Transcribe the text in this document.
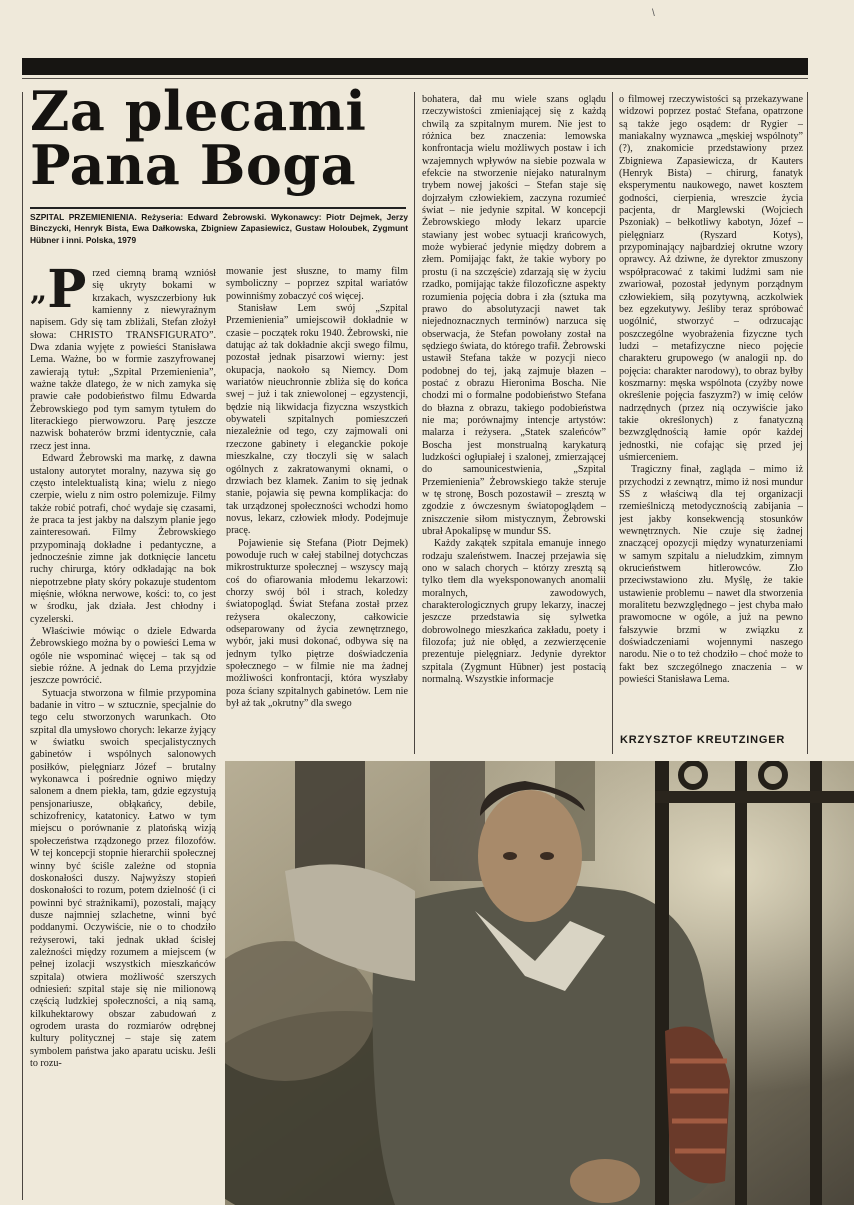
\
Za plecami
Pana Boga
SZPITAL PRZEMIENIENIA. Reżyseria: Edward Żebrowski. Wykonawcy: Piotr Dejmek, Jerzy Binczycki, Henryk Bista, Ewa Dałkowska, Zbigniew Zapasiewicz, Gustaw Holoubek, Zygmunt Hübner i inni. Polska, 1979
„ P rzed ciemną bramą wzniósł się ukryty bokami w krzakach, wyszczerbiony łuk kamienny z niewyraźnym napisem. Gdy się tam zbliżali, Stefan złożył słowa: CHRISTO TRANSFIGURATO”. Dwa zdania wyjęte z powieści Stanisława Lema. Ważne, bo w formie zaszyfrowanej zawierają tytuł: „Szpital Przemienienia”, ważne także dlatego, że w nich zamyka się prawie całe podobieństwo filmu Edwarda Żebrowskiego pod tym samym tytułem do literackiego pierwowzoru. Parę jeszcze nazwisk bohaterów brzmi identycznie, cała rzecz jest inna.

Edward Żebrowski ma markę, z dawna ustalony autorytet moralny, nazywa się go często intelektualistą kina; wielu z niego czerpie, wielu z nim ostro polemizuje. Filmy także robić potrafi, choć wydaje się czasami, że praca ta jest jakby na dalszym planie jego zainteresowań. Filmy Żebrowskiego przypominają dokładne i pedantyczne, a jednocześnie zimne jak dotknięcie lancetu ruchy chirurga, który odkładając na bok niepotrzebne płaty skóry pokazuje studentom mięśnie, włókna nerwowe, kości: to, co jest w środku, jak działa. Jest chłodny i cyzelerski.

Właściwie mówiąc o dziele Edwarda Żebrowskiego można by o powieści Lema w ogóle nie wspominać więcej – tak są od siebie różne. A jednak do Lema przyjdzie jeszcze powrócić.

Sytuacja stworzona w filmie przypomina badanie in vitro – w sztucznie, specjalnie do tego celu stworzonych warunkach. Oto szpital dla umysłowo chorych: lekarze żyjący w światku swoich specjalistycznych gabinetów i wspólnych salonowych posiłków, pielęgniarz Józef – brutalny wykonawca i pośrednie ogniwo między salonem a dnem piekła, tam, gdzie egzystują pensjonariusze, obłąkańcy, debile, schizofrenicy, katatonicy. Łatwo w tym miejscu o porównanie z platońską wizją społeczeństwa rządzonego przez filozofów. W tej koncepcji stopnie hierarchii społecznej winny być ściśle zależne od stopnia doskonałości duszy. Najwyższy stopień doskonałości to rozum, potem dzielność (i ci powinni być strażnikami), pozostali, mający dusze najmniej szlachetne, winni być poddanymi. Oczywiście, nie o to chodziło reżyserowi, taki jednak układ ścisłej zależności między rozumem a miejscem (w pełnej izolacji wszystkich mieszkańców szpitala) otwiera możliwość szerszych odniesień: szpital staje się nie milionową częścią ludzkiej społeczności, a nią samą, kilkuhektarowy obszar zabudowań z ogrodem urasta do rozmiarów odrębnej kultury politycznej – staje się zatem symbolem państwa jako aparatu ucisku. Jeśli to rozu-

mowanie jest słuszne, to mamy film symboliczny – poprzez szpital wariatów powinniśmy zobaczyć coś więcej.

Stanisław Lem swój „Szpital Przemienienia” umiejscowił dokładnie w czasie – początek roku 1940. Żebrowski, nie datując aż tak dokładnie akcji swego filmu, pozostał jednak pisarzowi wierny: jest okupacja, naokoło są Niemcy. Dom wariatów nieuchronnie zbliża się do końca swej – już i tak zniewolonej – egzystencji, będzie nią likwidacja fizyczna wszystkich obywateli szpitalnych pomieszczeń niezależnie od tego, czy zajmowali oni rzeczone gabinety i eleganckie pokoje mieszkalne, czy tłoczyli się w salach ogólnych z zakratowanymi oknami, o drzwiach bez klamek. Zanim to się jednak stanie, pojawia się pewna komplikacja: do tak urządzonej społeczności wchodzi homo novus, lekarz, człowiek młody. Podejmuje pracę.

Pojawienie się Stefana (Piotr Dejmek) powoduje ruch w całej stabilnej dotychczas mikrostrukturze społecznej – wszyscy mają coś do ofiarowania młodemu lekarzowi: chorzy swój ból i strach, koledzy światopogląd. Świat Stefana został przez reżysera okaleczony, całkowicie odseparowany od życia zewnętrznego, wybór, jaki musi dokonać, odbywa się na jednym tylko piętrze doświadczenia społecznego – w filmie nie ma żadnej możliwości konfrontacji, która wyszłaby poza ściany szpitalnych gabinetów. Lem nie był aż tak „okrutny” dla swego

bohatera, dał mu wiele szans oglądu rzeczywistości zmieniającej się z każdą chwilą za szpitalnym murem. Nie jest to różnica bez znaczenia: lemowska konfrontacja wielu możliwych postaw i ich wzajemnych wpływów na siebie pozwala w efekcie na stworzenie niejako naturalnym trybem nowej jakości – Stefan staje się dojrzałym człowiekiem, zaczyna rozumieć świat – nie jedynie szpital. W koncepcji Żebrowskiego młody lekarz uparcie stawiany jest wobec sytuacji krańcowych, może wybierać jedynie między dobrem a złem. Pomijając fakt, że takie wybory po prostu (i na szczęście) zdarzają się w życiu rzadko, pomijając także filozoficzne aspekty rozumienia pojęcia dobra i zła (sztuka ma prawo do absolutyzacji nawet tak niejednoznacznych terminów) narzuca się obserwacja, że Stefan powołany został na sędziego świata, do którego trafił. Żebrowski ustawił Stefana także w pozycji nieco podobnej do tej, jaką zajmuje błazen – postać z obrazu Hieronima Boscha. Nie chodzi mi o formalne podobieństwo Stefana do błazna z obrazu, takiego podobieństwa nie ma; porównajmy intencje artystów: malarza i reżysera. „Statek szaleńców” Boscha jest monstrualną karykaturą ludzkości ogłupiałej i szalonej, zmierzającej do samounicestwienia, „Szpital Przemienienia” Żebrowskiego także steruje w tę stronę, Bosch pozostawił – zresztą w zgodzie z ówczesnym światopoglądem – zniszczenie siłom mistycznym, Żebrowski ubrał Apokalipsę w mundur SS.

Każdy zakątek szpitala emanuje innego rodzaju szaleństwem. Inaczej przejawia się ono w salach chorych – którzy zresztą są tylko tłem dla wyeksponowanych anomalii moralnych, zawodowych, charakterologicznych grupy lekarzy, inaczej jeszcze przedstawia się sylwetka dobrowolnego mieszkańca zakładu, poety i filozofa; już nie obłęd, a zezwierzęcenie prezentuje pielęgniarz. Jedynie dyrektor szpitala (Zygmunt Hübner) jest postacią normalną. Wszystkie informacje

o filmowej rzeczywistości są przekazywane widzowi poprzez postać Stefana, opatrzone są także jego osądem: dr Rygier – maniakalny wyznawca „męskiej wspólnoty” (?), znakomicie przedstawiony przez Zbigniewa Zapasiewicza, dr Kauters (Henryk Bista) – chirurg, fanatyk eksperymentu naukowego, nawet kosztem godności, cierpienia, wreszcie życia pacjenta, dr Marglewski (Wojciech Pszoniak) – bełkotliwy kabotyn, Józef – pielęgniarz (Ryszard Kotys), przypominający najbardziej okrutne wzory oprawcy. Aż dziwne, że dyrektor zmuszony współpracować z takimi ludźmi sam nie zwariował, pozostał jedynym porządnym człowiekiem, siłą pozytywną, aczkolwiek bez egzekutywy. Jeśliby teraz spróbować uogólnić, stworzyć – odrzucając poszczególne wyobrażenia fizyczne tych ludzi – metafizyczne nieco pojęcie charakteru grupowego (w analogii np. do pojęcia: charakter narodowy), to obraz byłby koszmarny: męska wspólnota (czyżby nowe określenie pojęcia faszyzm?) w imię celów nadrzędnych (przez nią oczywiście jako takie określonych) z fanatyczną bezwzględnością łamie opór każdej jednostki, nie cofając się przed jej uśmierceniem.

Tragiczny finał, zagląda – mimo iż przychodzi z zewnątrz, mimo iż nosi mundur SS z właściwą dla tej organizacji rzemieślniczą metodycznością zabijania – jest jakby konsekwencją stosunków wewnętrznych. Nie czuje się żadnej znaczącej opozycji między wynaturzeniami w samym szpitalu a nieludzkim, zimnym okrucieństwem hitlerowców. Zło przeciwstawiono złu. Myślę, że takie ustawienie problemu – nawet dla stworzenia moralitetu bezwzględnego – jest chyba mało prawomocne w ogóle, a już na pewno fałszywie brzmi w związku z doświadczeniami wojennymi naszego narodu. Nie o to też chodziło – choć może to fakt bez szczególnego znaczenia – w powieści Stanisława Lema.

KRZYSZTOF KREUTZINGER
